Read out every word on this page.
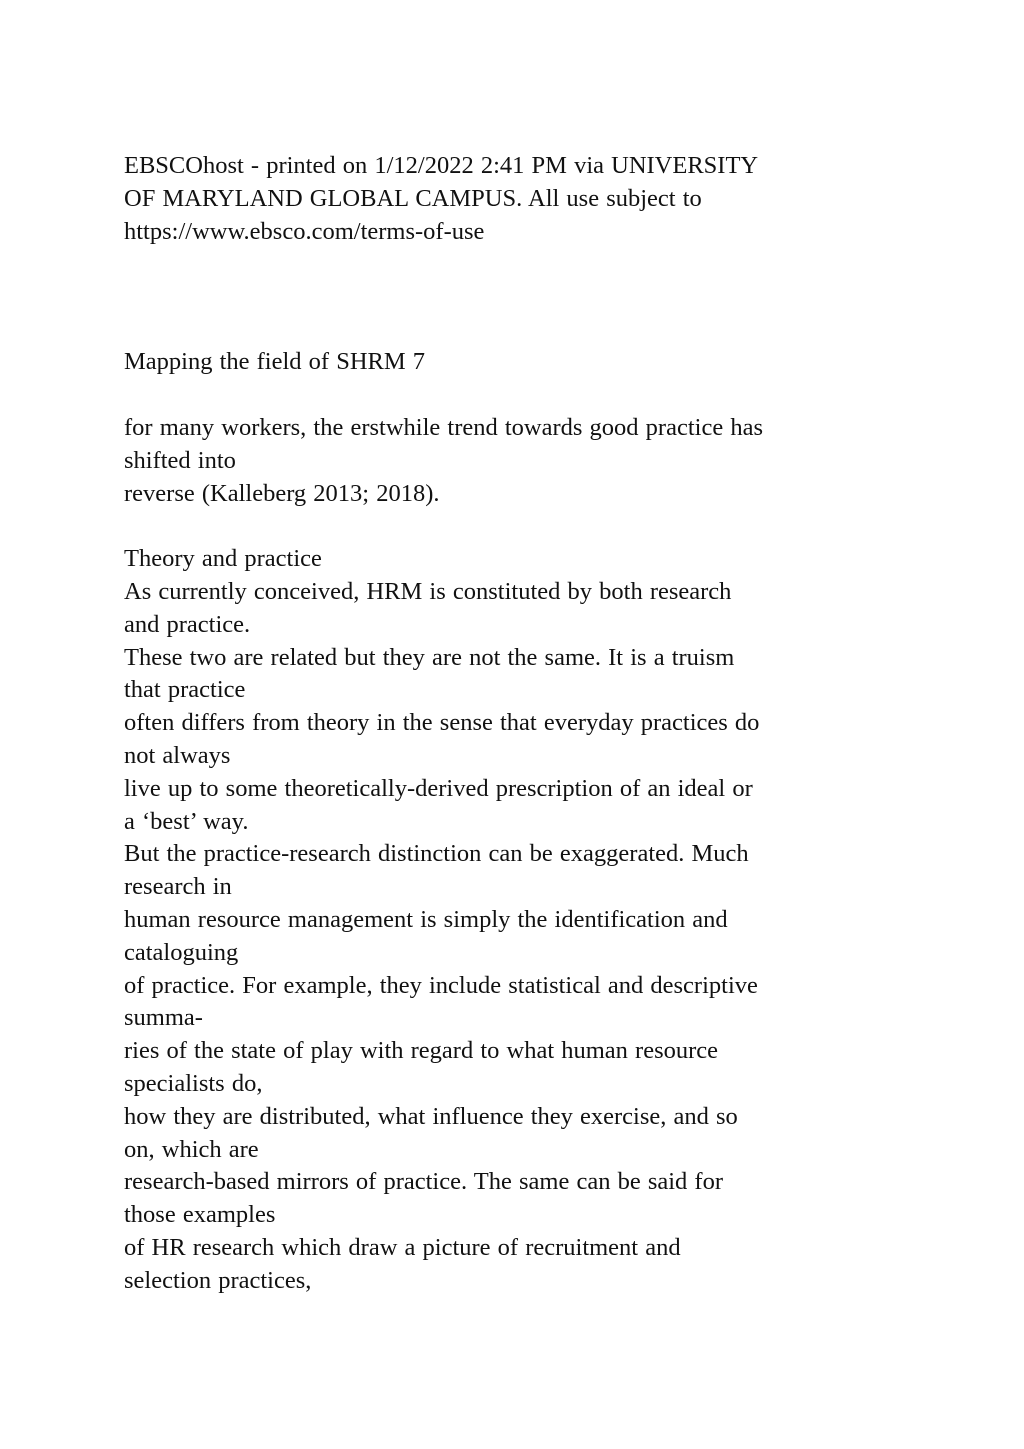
EBSCOhost - printed on 1/12/2022 2:41 PM via UNIVERSITY
OF MARYLAND GLOBAL CAMPUS. All use subject to
https://www.ebsco.com/terms-of-use
Mapping the field of SHRM 7
for many workers, the erstwhile trend towards good practice has
shifted into
reverse (Kalleberg 2013; 2018).
Theory and practice
As currently conceived, HRM is constituted by both research
and practice.
These two are related but they are not the same. It is a truism
that practice
often differs from theory in the sense that everyday practices do
not always
live up to some theoretically-derived prescription of an ideal or
a ‘best’ way.
But the practice-research distinction can be exaggerated. Much
research in
human resource management is simply the identification and
cataloguing
of practice. For example, they include statistical and descriptive
summa-
ries of the state of play with regard to what human resource
specialists do,
how they are distributed, what influence they exercise, and so
on, which are
research-based mirrors of practice. The same can be said for
those examples
of HR research which draw a picture of recruitment and
selection practices,
